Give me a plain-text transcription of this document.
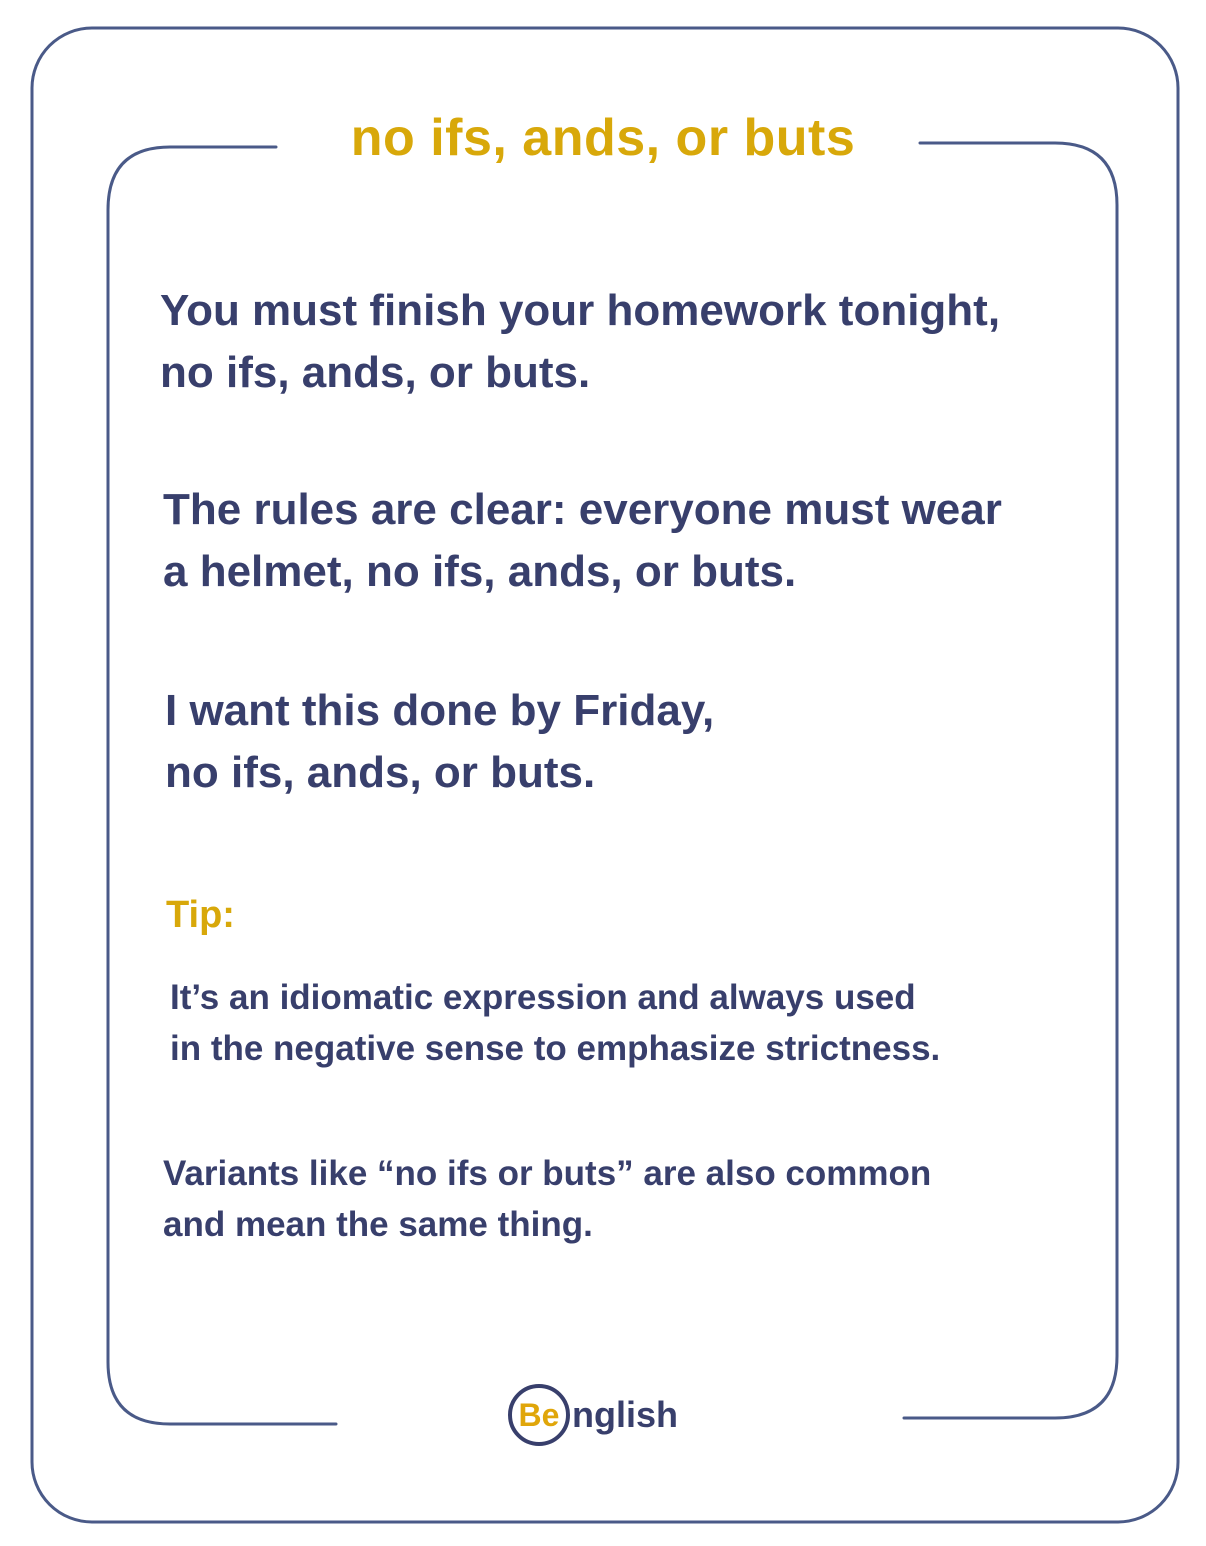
no ifs, ands, or buts
You must finish your homework tonight,
no ifs, ands, or buts.
The rules are clear: everyone must wear
a helmet, no ifs, ands, or buts.
I want this done by Friday,
no ifs, ands, or buts.
Tip:
It’s an idiomatic expression and always used
in the negative sense to emphasize strictness.
Variants like “no ifs or buts” are also common
and mean the same thing.
Be nglish
